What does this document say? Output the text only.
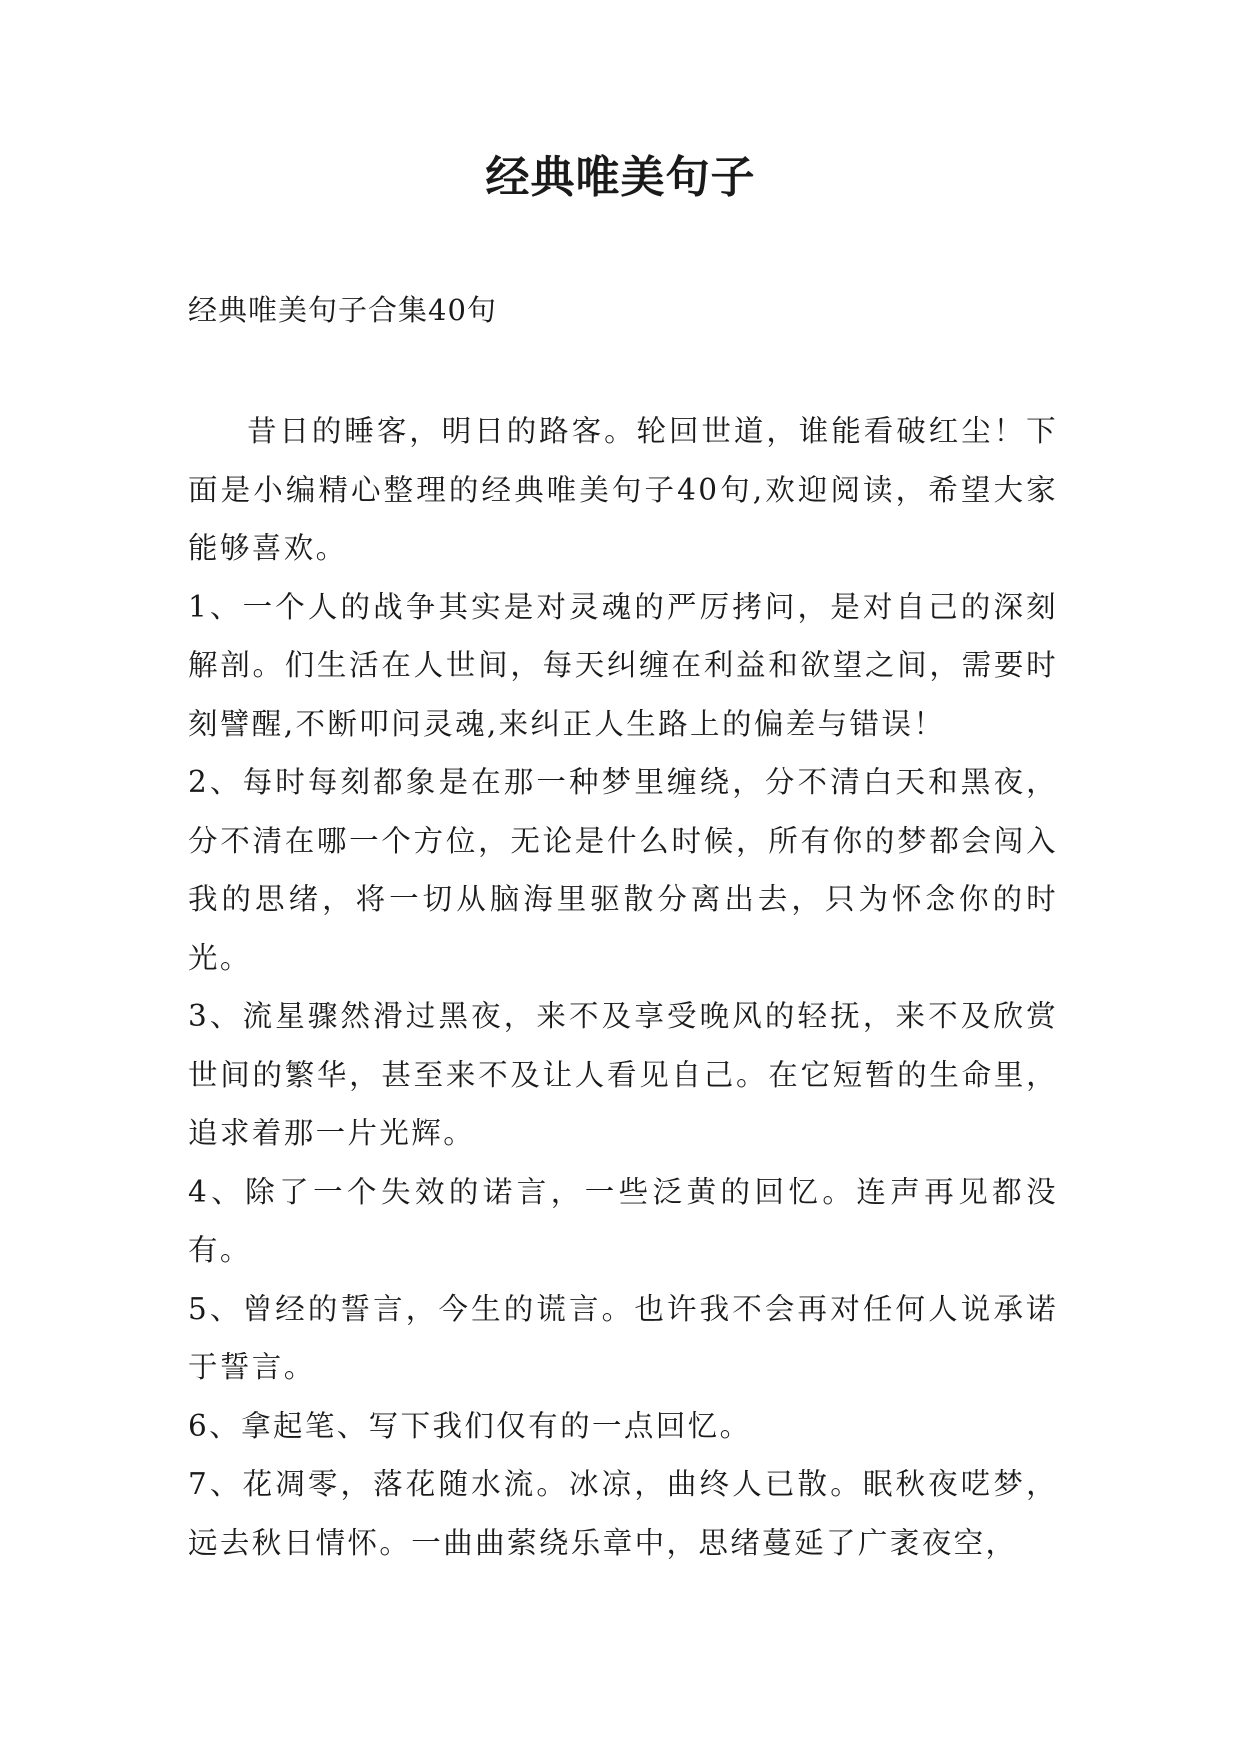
经典唯美句子

经典唯美句子合集40句

昔日的睡客，明日的路客。轮回世道，谁能看破红尘！下面是小编精心整理的经典唯美句子40句,欢迎阅读，希望大家能够喜欢。

1、一个人的战争其实是对灵魂的严厉拷问，是对自己的深刻解剖。们生活在人世间，每天纠缠在利益和欲望之间，需要时刻譬醒,不断叩问灵魂,来纠正人生路上的偏差与错误！

2、每时每刻都象是在那一种梦里缠绕，分不清白天和黑夜，分不清在哪一个方位，无论是什么时候，所有你的梦都会闯入我的思绪，将一切从脑海里驱散分离出去，只为怀念你的时光。

3、流星骤然滑过黑夜，来不及享受晚风的轻抚，来不及欣赏世间的繁华，甚至来不及让人看见自己。在它短暂的生命里，追求着那一片光辉。

4、除了一个失效的诺言，一些泛黄的回忆。连声再见都没有。

5、曾经的誓言，今生的谎言。也许我不会再对任何人说承诺于誓言。

6、拿起笔、写下我们仅有的一点回忆。

7、花凋零，落花随水流。冰凉，曲终人已散。眠秋夜呓梦，远去秋日情怀。一曲曲萦绕乐章中，思绪蔓延了广袤夜空，
